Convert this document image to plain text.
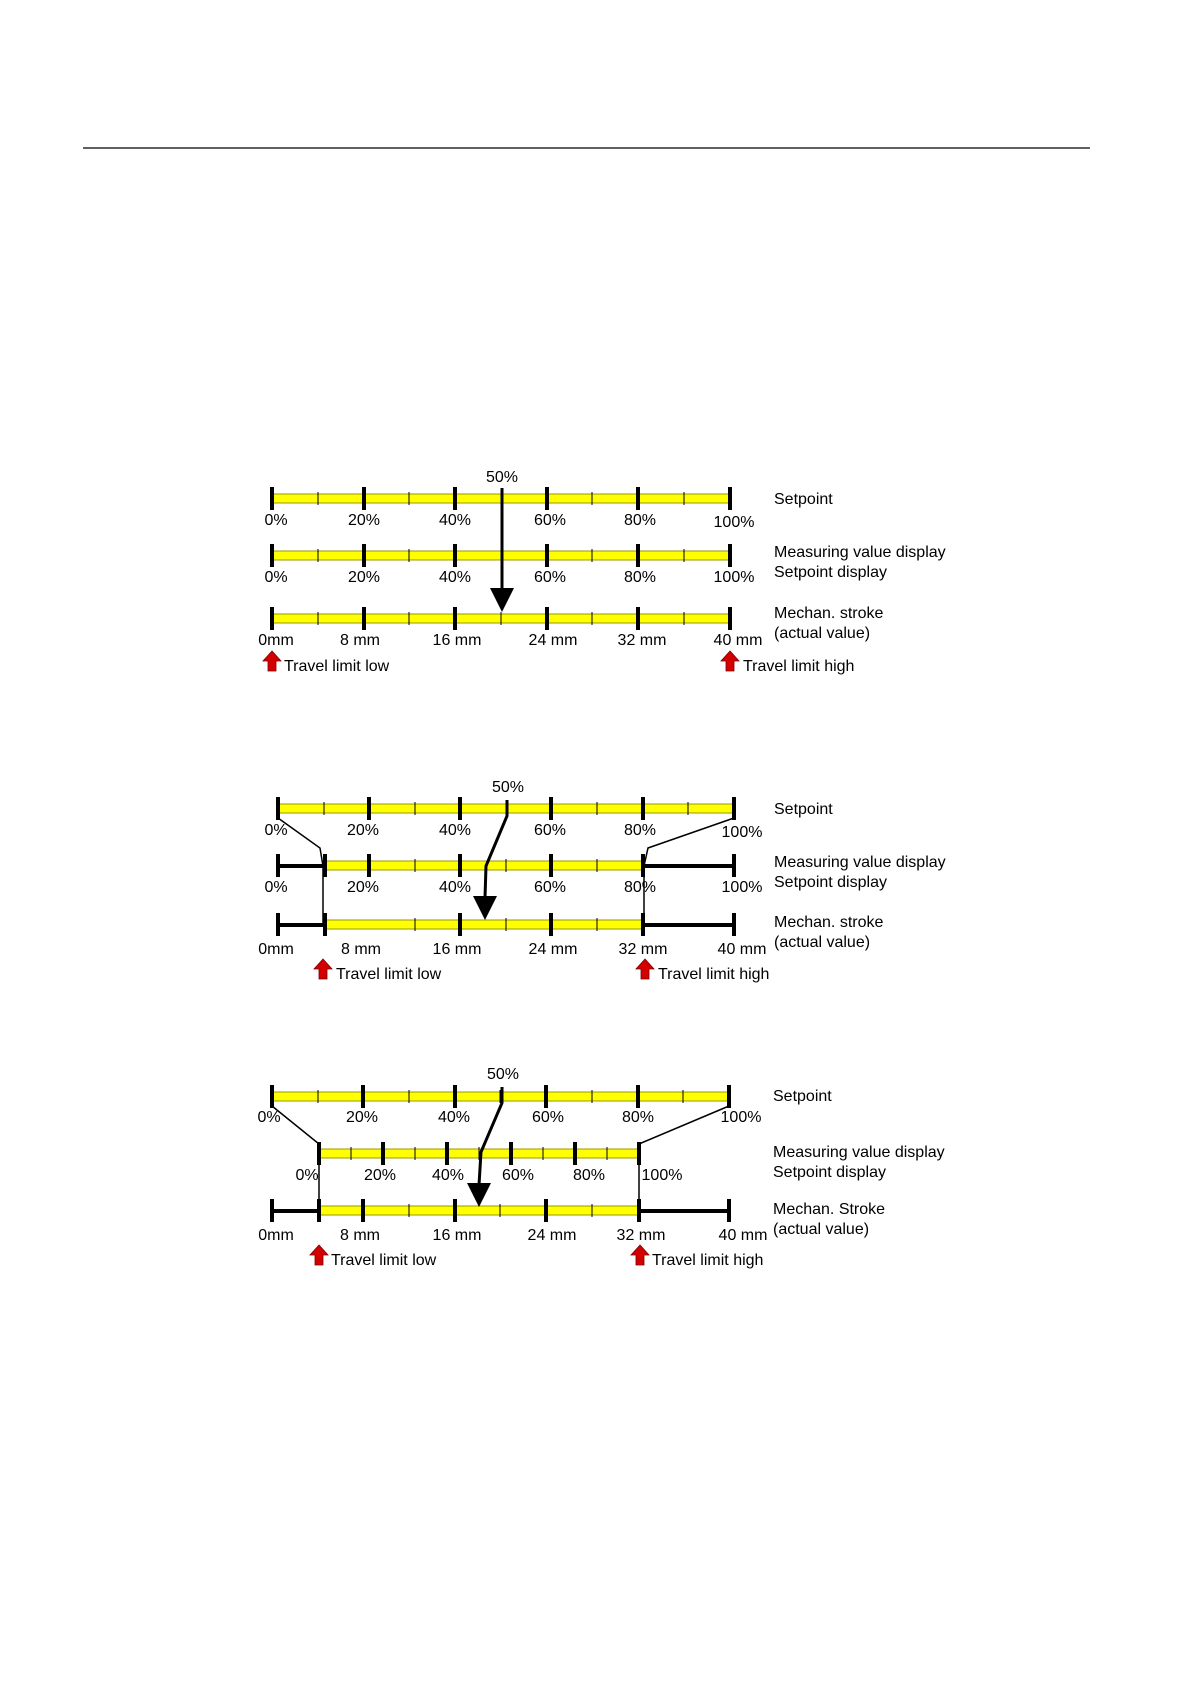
0%	20%	40%	60%	80%	100%
Setpoint
50%
0%	20%	40%	60%	80%	100%
Measuring value display
Setpoint display
0mm	8 mm	16 mm	24 mm	32 mm	40 mm
Mechan. stroke
(actual value)
Travel limit low	Travel limit high
0%	20%	40%	60%	80%	100%
Setpoint
50%
0%	20%	40%	60%	80%	100%
Measuring value display
Setpoint display
0mm	8 mm	16 mm	24 mm	32 mm	40 mm
Mechan. stroke
(actual value)
Travel limit low	Travel limit high
0%	20%	40%	60%	80%	100%
Setpoint
50%
0%	20% 40% 60% 80% 100%
Measuring value display
Setpoint display
0mm	8 mm	16 mm	24 mm	32 mm	40 mm
Mechan. Stroke
(actual value)
Travel limit low	Travel limit high
